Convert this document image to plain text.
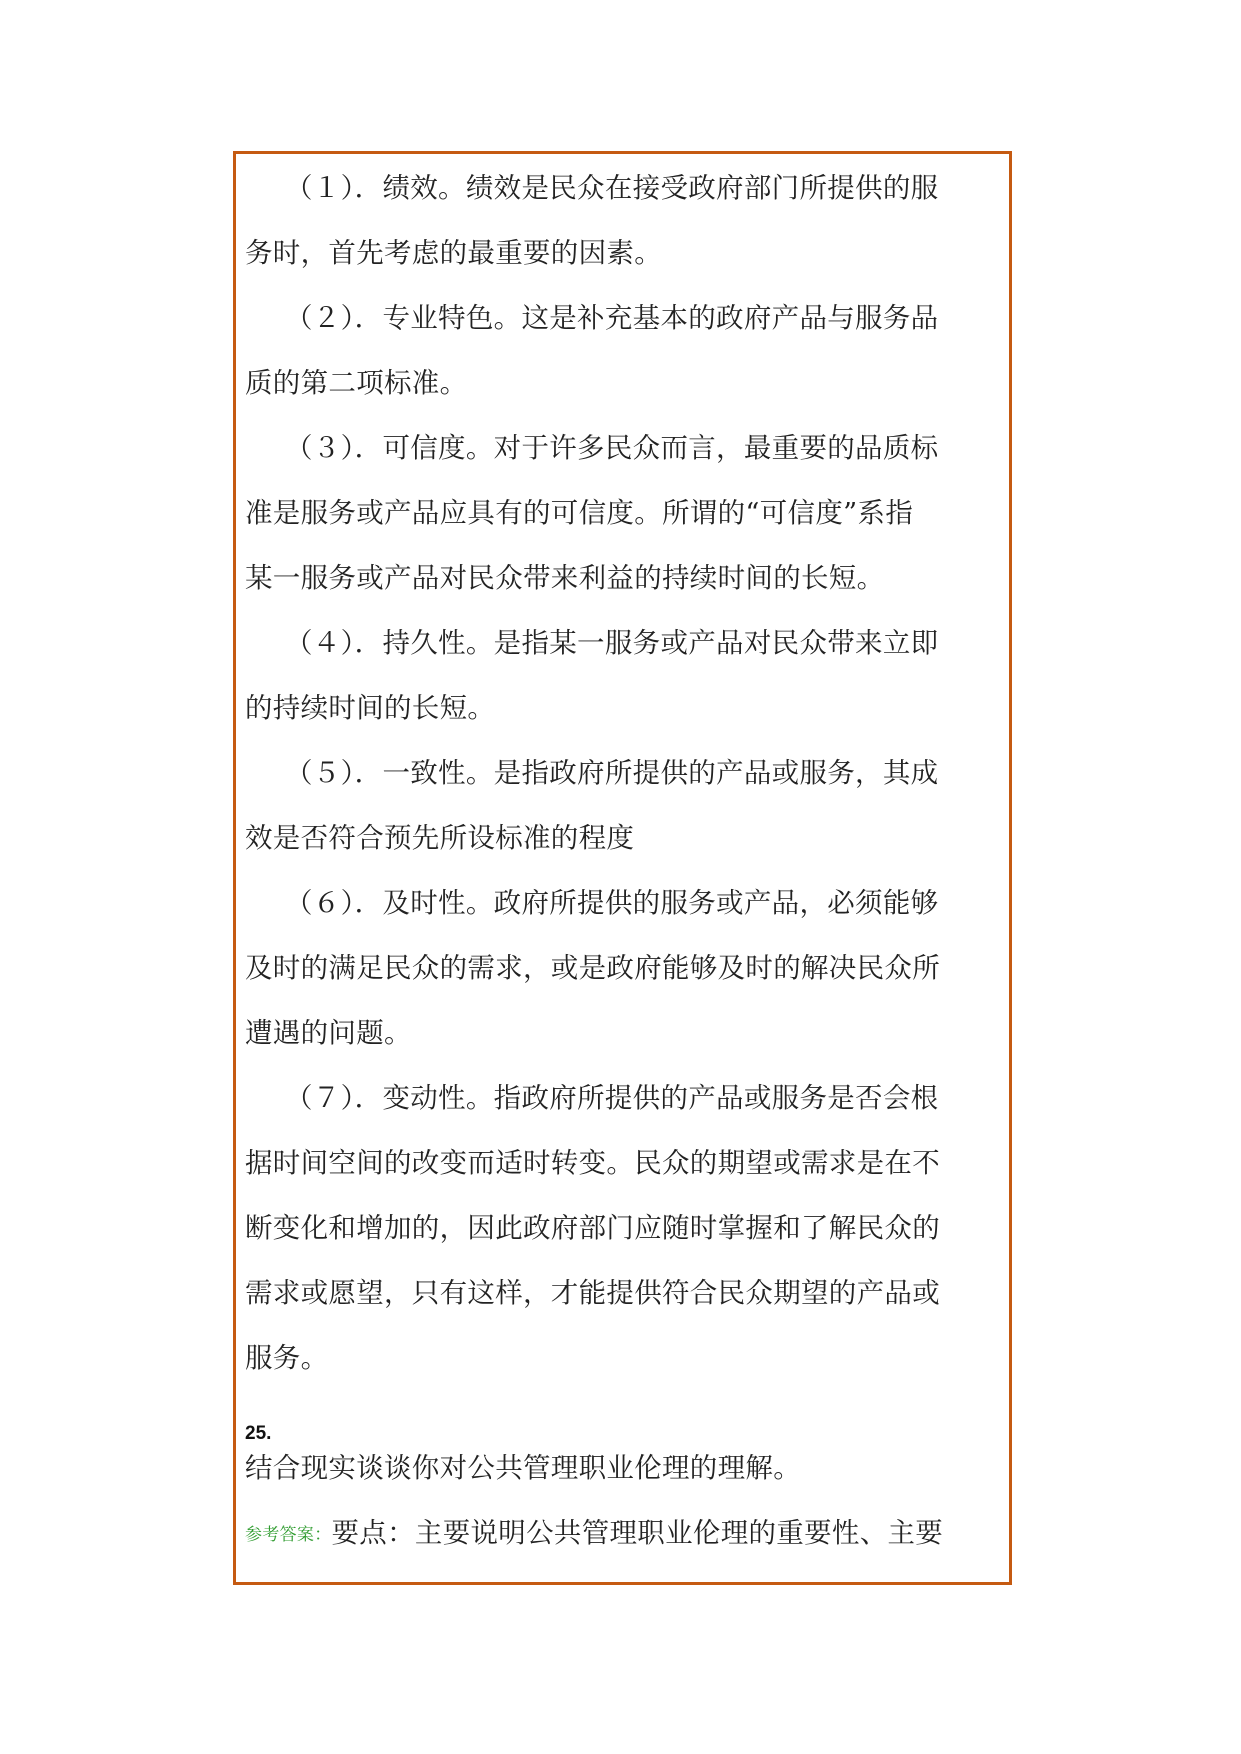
（１）．绩效。绩效是民众在接受政府部门所提供的服
务时，首先考虑的最重要的因素。
（２）．专业特色。这是补充基本的政府产品与服务品
质的第二项标准。
（３）．可信度。对于许多民众而言，最重要的品质标
准是服务或产品应具有的可信度。所谓的“可信度”系指
某一服务或产品对民众带来利益的持续时间的长短。
（４）．持久性。是指某一服务或产品对民众带来立即
的持续时间的长短。
（５）．一致性。是指政府所提供的产品或服务，其成
效是否符合预先所设标准的程度
（６）．及时性。政府所提供的服务或产品，必须能够
及时的满足民众的需求，或是政府能够及时的解决民众所
遭遇的问题。
（７）．变动性。指政府所提供的产品或服务是否会根
据时间空间的改变而适时转变。民众的期望或需求是在不
断变化和增加的，因此政府部门应随时掌握和了解民众的
需求或愿望，只有这样，才能提供符合民众期望的产品或
服务。
25.
结合现实谈谈你对公共管理职业伦理的理解。
参考答案：要点：主要说明公共管理职业伦理的重要性、主要
